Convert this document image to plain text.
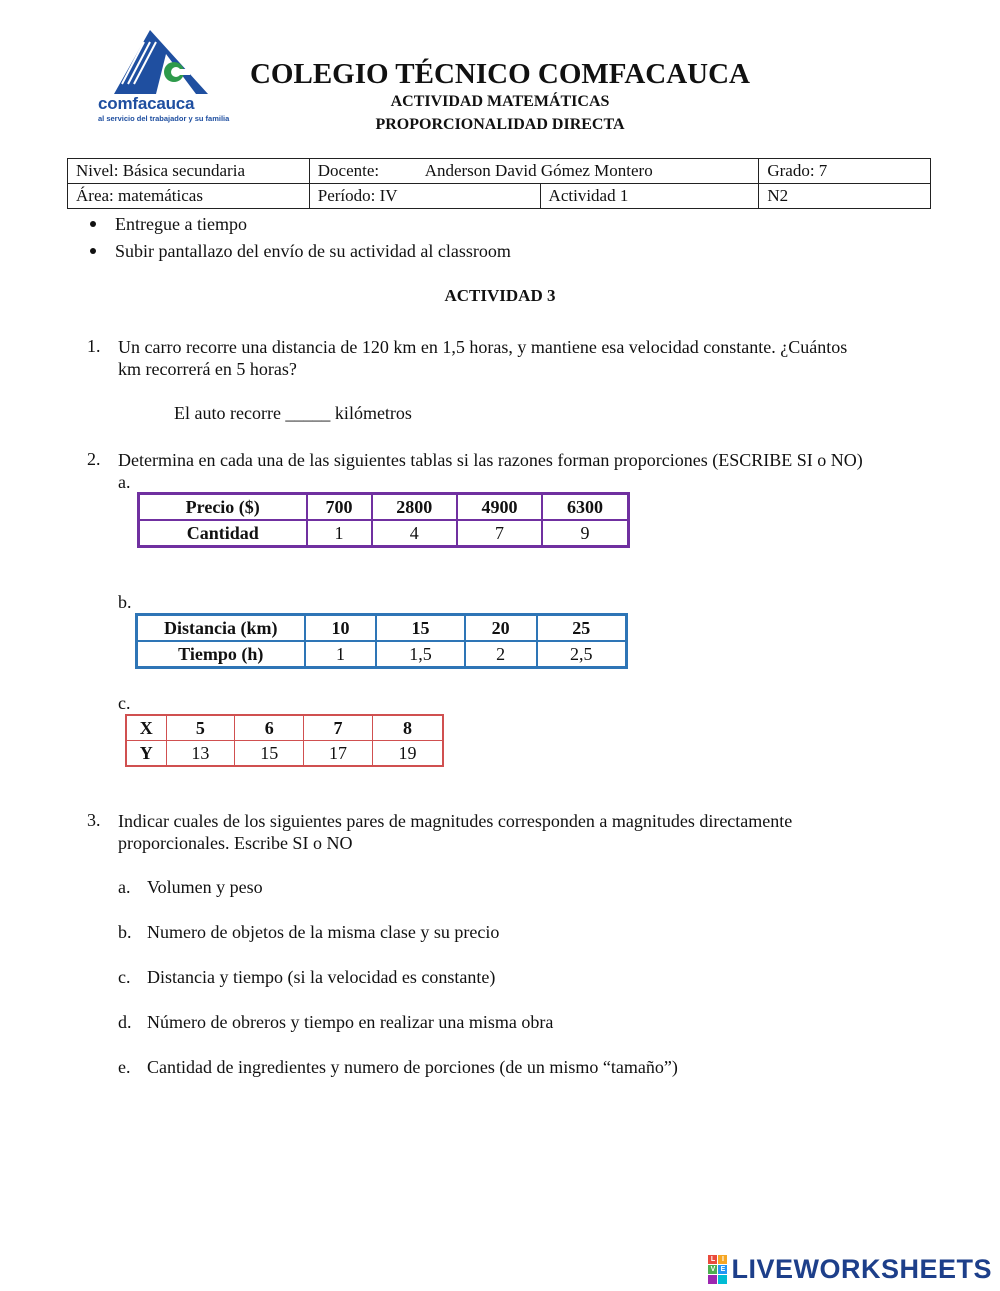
comfacauca
al servicio del trabajador y su familia
COLEGIO TÉCNICO COMFACAUCA
ACTIVIDAD MATEMÁTICAS
PROPORCIONALIDAD DIRECTA
Nivel: Básica secundaria	Docente: Anderson David Gómez Montero		Grado: 7
Área: matemáticas	Período: IV	Actividad 1	N2
Entregue a tiempo
Subir pantallazo del envío de su actividad al classroom
ACTIVIDAD 3
1. Un carro recorre una distancia de 120 km en 1,5 horas, y mantiene esa velocidad constante. ¿Cuántos
km recorrerá en 5 horas?
El auto recorre _____ kilómetros
2. Determina en cada una de las siguientes tablas si las razones forman proporciones (ESCRIBE SI o NO)
a.
Precio ($)	700	2800	4900	6300
Cantidad	1	4	7	9
b.
Distancia (km)	10	15	20	25
Tiempo (h)	1	1,5	2	2,5
c.
X	5	6	7	8
Y	13	15	17	19
3. Indicar cuales de los siguientes pares de magnitudes corresponden a magnitudes directamente
proporcionales. Escribe SI o NO
a. Volumen y peso
b. Numero de objetos de la misma clase y su precio
c. Distancia y tiempo (si la velocidad es constante)
d. Número de obreros y tiempo en realizar una misma obra
e. Cantidad de ingredientes y numero de porciones (de un mismo “tamaño”)
L I
V E LIVEWORKSHEETS
